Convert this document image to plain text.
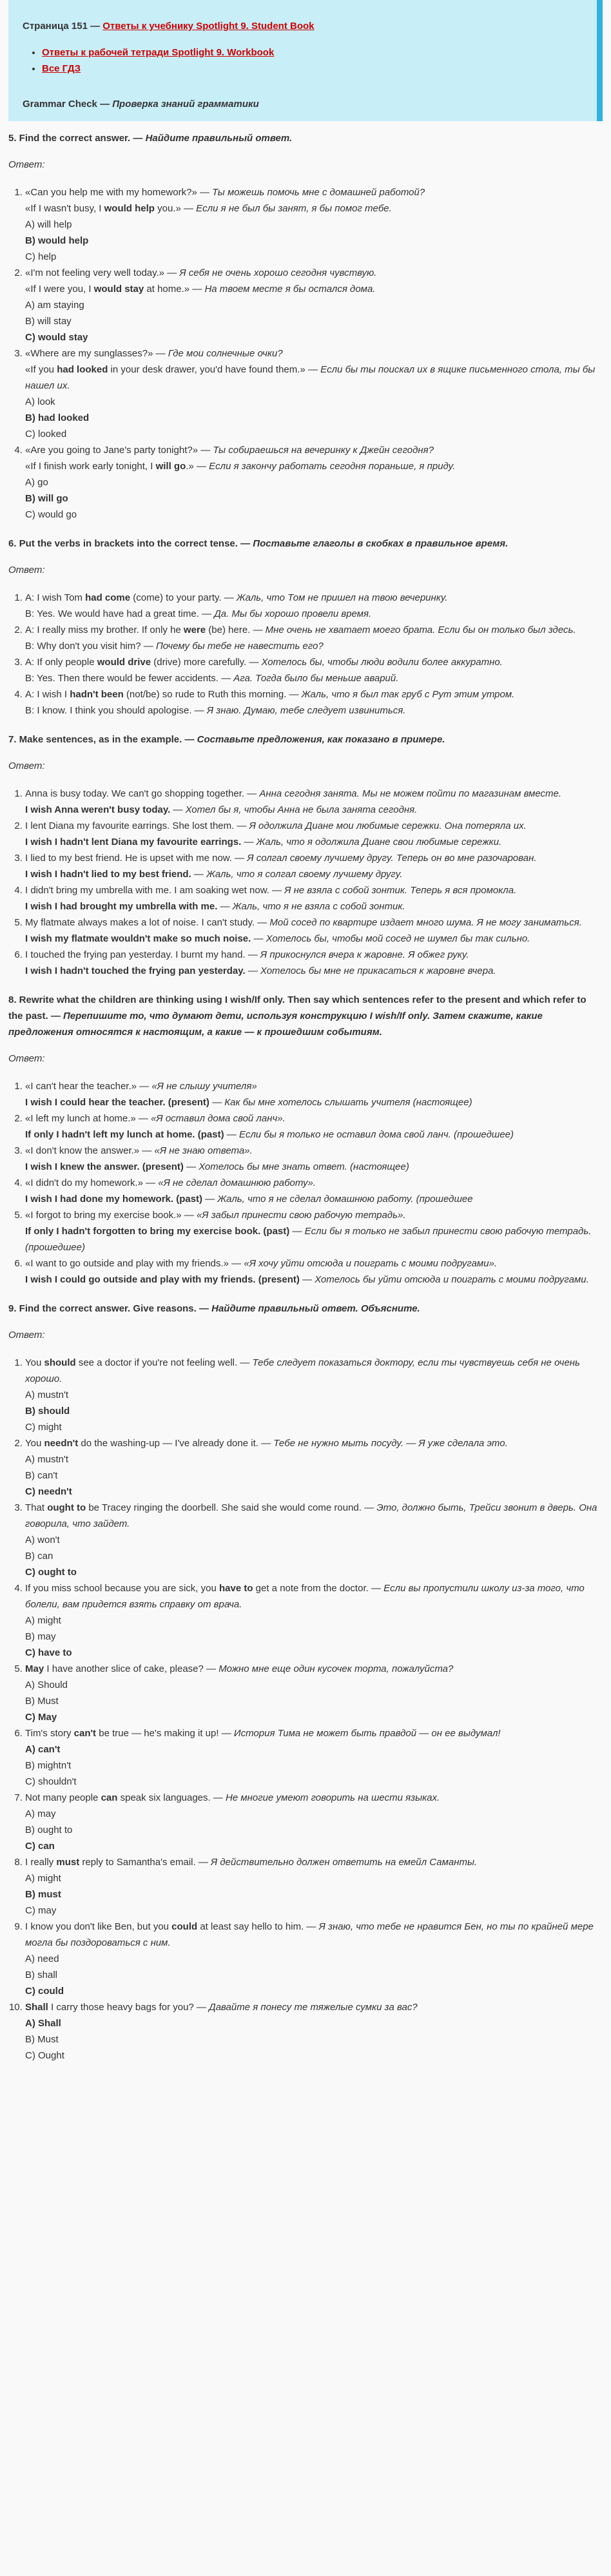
Страница 151 — Ответы к учебнику Spotlight 9. Student Book

• Ответы к рабочей тетради Spotlight 9. Workbook
• Все ГДЗ

Grammar Check — Проверка знаний грамматики

5. Find the correct answer. — Найдите правильный ответ.

Ответ:

1. «Can you help me with my homework?» — Ты можешь помочь мне с домашней работой?
«If I wasn't busy, I would help you.» — Если я не был бы занят, я бы помог тебе.
A) will help
B) would help
C) help
2. «I'm not feeling very well today.» — Я себя не очень хорошо сегодня чувствую.
«If I were you, I would stay at home.» — На твоем месте я бы остался дома.
A) am staying
B) will stay
C) would stay
3. «Where are my sunglasses?» — Где мои солнечные очки?
«If you had looked in your desk drawer, you'd have found them.» — Если бы ты поискал их в ящике письменного стола, ты бы нашел их.
A) look
B) had looked
C) looked
4. «Are you going to Jane's party tonight?» — Ты собираешься на вечеринку к Джейн сегодня?
«If I finish work early tonight, I will go.» — Если я закончу работать сегодня пораньше, я приду.
A) go
B) will go
C) would go
6. Put the verbs in brackets into the correct tense. — Поставьте глаголы в скобках в правильное время.

Ответ:

1. A: I wish Tom had come (come) to your party. — Жаль, что Том не пришел на твою вечеринку.
B: Yes. We would have had a great time. — Да. Мы бы хорошо провели время.
2. A: I really miss my brother. If only he were (be) here. — Мне очень не хватает моего брата. Если бы он только был здесь.
B: Why don't you visit him? — Почему бы тебе не навестить его?
3. A: If only people would drive (drive) more carefully. — Хотелось бы, чтобы люди водили более аккуратно.
B: Yes. Then there would be fewer accidents. — Ага. Тогда было бы меньше аварий.
4. A: I wish I hadn't been (not/be) so rude to Ruth this morning. — Жаль, что я был так груб с Рут этим утром.
B: I know. I think you should apologise. — Я знаю. Думаю, тебе следует извиниться.
7. Make sentences, as in the example. — Составьте предложения, как показано в примере.

Ответ:

1. Anna is busy today. We can't go shopping together. — Анна сегодня занята. Мы не можем пойти по магазинам вместе.
I wish Anna weren't busy today. — Хотел бы я, чтобы Анна не была занята сегодня.
2. I lent Diana my favourite earrings. She lost them. — Я одолжила Диане мои любимые сережки. Она потеряла их.
I wish I hadn't lent Diana my favourite earrings. — Жаль, что я одолжила Диане свои любимые сережки.
3. I lied to my best friend. He is upset with me now. — Я солгал своему лучшему другу. Теперь он во мне разочарован.
I wish I hadn't lied to my best friend. — Жаль, что я солгал своему лучшему другу.
4. I didn't bring my umbrella with me. I am soaking wet now. — Я не взяла с собой зонтик. Теперь я вся промокла.
I wish I had brought my umbrella with me. — Жаль, что я не взяла с собой зонтик.
5. My flatmate always makes a lot of noise. I can't study. — Мой сосед по квартире издает много шума. Я не могу заниматься.
I wish my flatmate wouldn't make so much noise. — Хотелось бы, чтобы мой сосед не шумел бы так сильно.
6. I touched the frying pan yesterday. I burnt my hand. — Я прикоснулся вчера к жаровне. Я обжег руку.
I wish I hadn't touched the frying pan yesterday. — Хотелось бы мне не прикасаться к жаровне вчера.
8. Rewrite what the children are thinking using I wish/If only. Then say which sentences refer to the present and which refer to the past. — Перепишите то, что думают дети, используя конструкцию I wish/If only. Затем скажите, какие предложения относятся к настоящим, а какие — к прошедшим событиям.

Ответ:

1. «I can't hear the teacher.» — «Я не слышу учителя»
I wish I could hear the teacher. (present) — Как бы мне хотелось слышать учителя (настоящее)
2. «I left my lunch at home.» — «Я оставил дома свой ланч».
If only I hadn't left my lunch at home. (past) — Если бы я только не оставил дома свой ланч. (прошедшее)
3. «I don't know the answer.» — «Я не знаю ответа».
I wish I knew the answer. (present) — Хотелось бы мне знать ответ. (настоящее)
4. «I didn't do my homework.» — «Я не сделал домашнюю работу».
I wish I had done my homework. (past) — Жаль, что я не сделал домашнюю работу. (прошедшее
5. «I forgot to bring my exercise book.» — «Я забыл принести свою рабочую тетрадь».
If only I hadn't forgotten to bring my exercise book. (past) — Если бы я только не забыл принести свою рабочую тетрадь. (прошедшее)
6. «I want to go outside and play with my friends.» — «Я хочу уйти отсюда и поиграть с моими подругами».
I wish I could go outside and play with my friends. (present) — Хотелось бы уйти отсюда и поиграть с моими подругами.
9. Find the correct answer. Give reasons. — Найдите правильный ответ. Объясните.

Ответ:

1. You should see a doctor if you're not feeling well. — Тебе следует показаться доктору, если ты чувствуешь себя не очень хорошо.
A) mustn't
B) should
C) might
2. You needn't do the washing-up — I've already done it. — Тебе не нужно мыть посуду. — Я уже сделала это.
A) mustn't
B) can't
C) needn't
3. That ought to be Tracey ringing the doorbell. She said she would come round. — Это, должно быть, Трейси звонит в дверь. Она говорила, что зайдет.
A) won't
B) can
C) ought to
4. If you miss school because you are sick, you have to get a note from the doctor. — Если вы пропустили школу из-за того, что болели, вам придется взять справку от врача.
A) might
B) may
C) have to
5. May I have another slice of cake, please? — Можно мне еще один кусочек торта, пожалуйста?
A) Should
B) Must
C) May
6. Tim's story can't be true — he's making it up! — История Тима не может быть правдой — он ее выдумал!
A) can't
B) mightn't
C) shouldn't
7. Not many people can speak six languages. — Не многие умеют говорить на шести языках.
A) may
B) ought to
C) can
8. I really must reply to Samantha's email. — Я действительно должен ответить на емейл Саманты.
A) might
B) must
C) may
9. I know you don't like Ben, but you could at least say hello to him. — Я знаю, что тебе не нравится Бен, но ты по крайней мере могла бы поздороваться с ним.
A) need
B) shall
C) could
10. Shall I carry those heavy bags for you? — Давайте я понесу те тяжелые сумки за вас?
A) Shall
B) Must
C) Ought
